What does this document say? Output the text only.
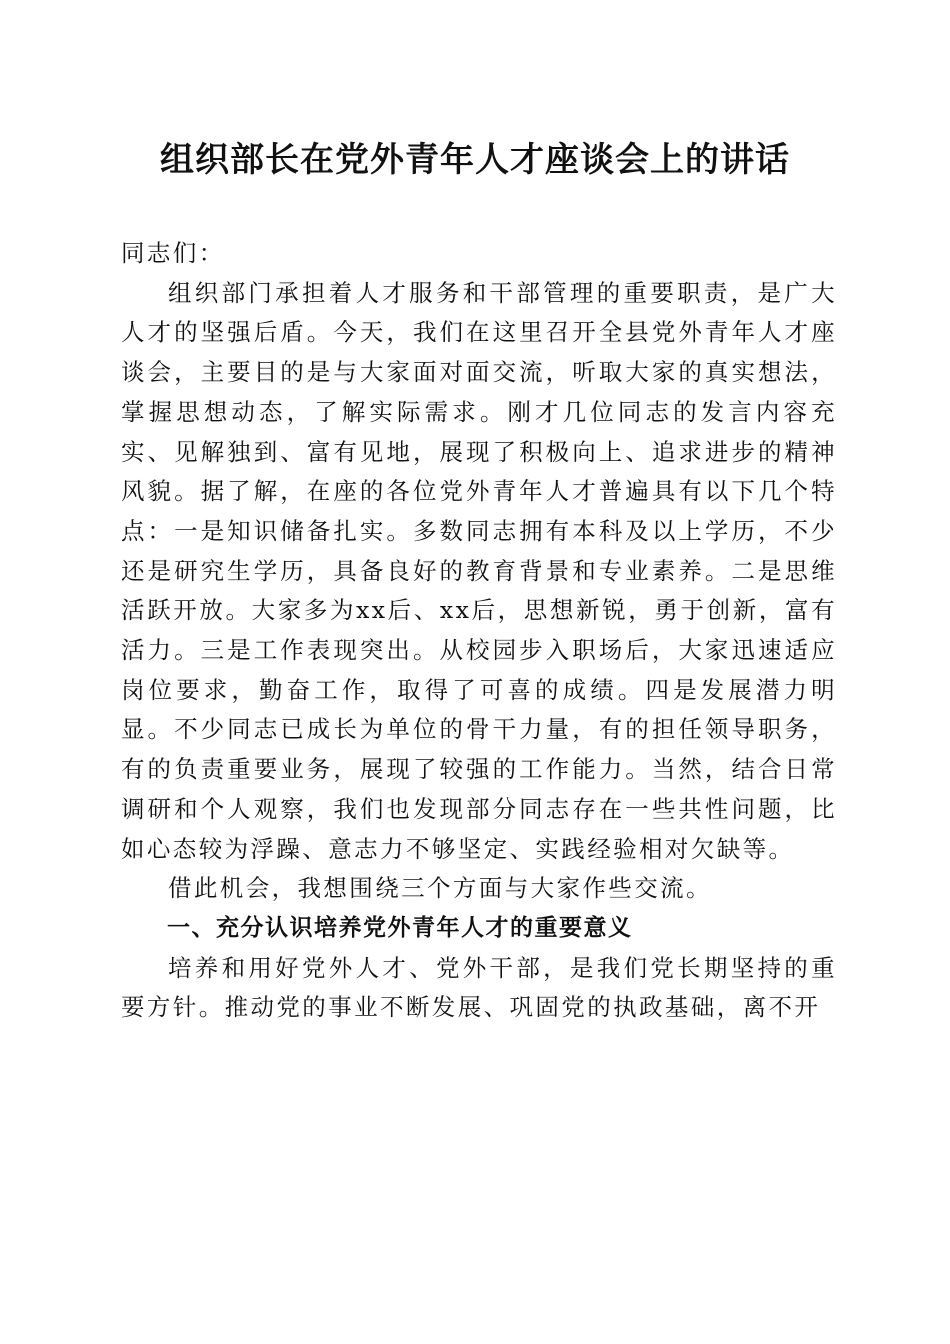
组织部长在党外青年人才座谈会上的讲话

同志们：

组织部门承担着人才服务和干部管理的重要职责，是广大人才的坚强后盾。今天，我们在这里召开全县党外青年人才座谈会，主要目的是与大家面对面交流，听取大家的真实想法，掌握思想动态，了解实际需求。刚才几位同志的发言内容充实、见解独到、富有见地，展现了积极向上、追求进步的精神风貌。据了解，在座的各位党外青年人才普遍具有以下几个特点：一是知识储备扎实。多数同志拥有本科及以上学历，不少还是研究生学历，具备良好的教育背景和专业素养。二是思维活跃开放。大家多为xx后、xx后，思想新锐，勇于创新，富有活力。三是工作表现突出。从校园步入职场后，大家迅速适应岗位要求，勤奋工作，取得了可喜的成绩。四是发展潜力明显。不少同志已成长为单位的骨干力量，有的担任领导职务，有的负责重要业务，展现了较强的工作能力。当然，结合日常调研和个人观察，我们也发现部分同志存在一些共性问题，比如心态较为浮躁、意志力不够坚定、实践经验相对欠缺等。

借此机会，我想围绕三个方面与大家作些交流。

一、充分认识培养党外青年人才的重要意义

培养和用好党外人才、党外干部，是我们党长期坚持的重要方针。推动党的事业不断发展、巩固党的执政基础，离不开
